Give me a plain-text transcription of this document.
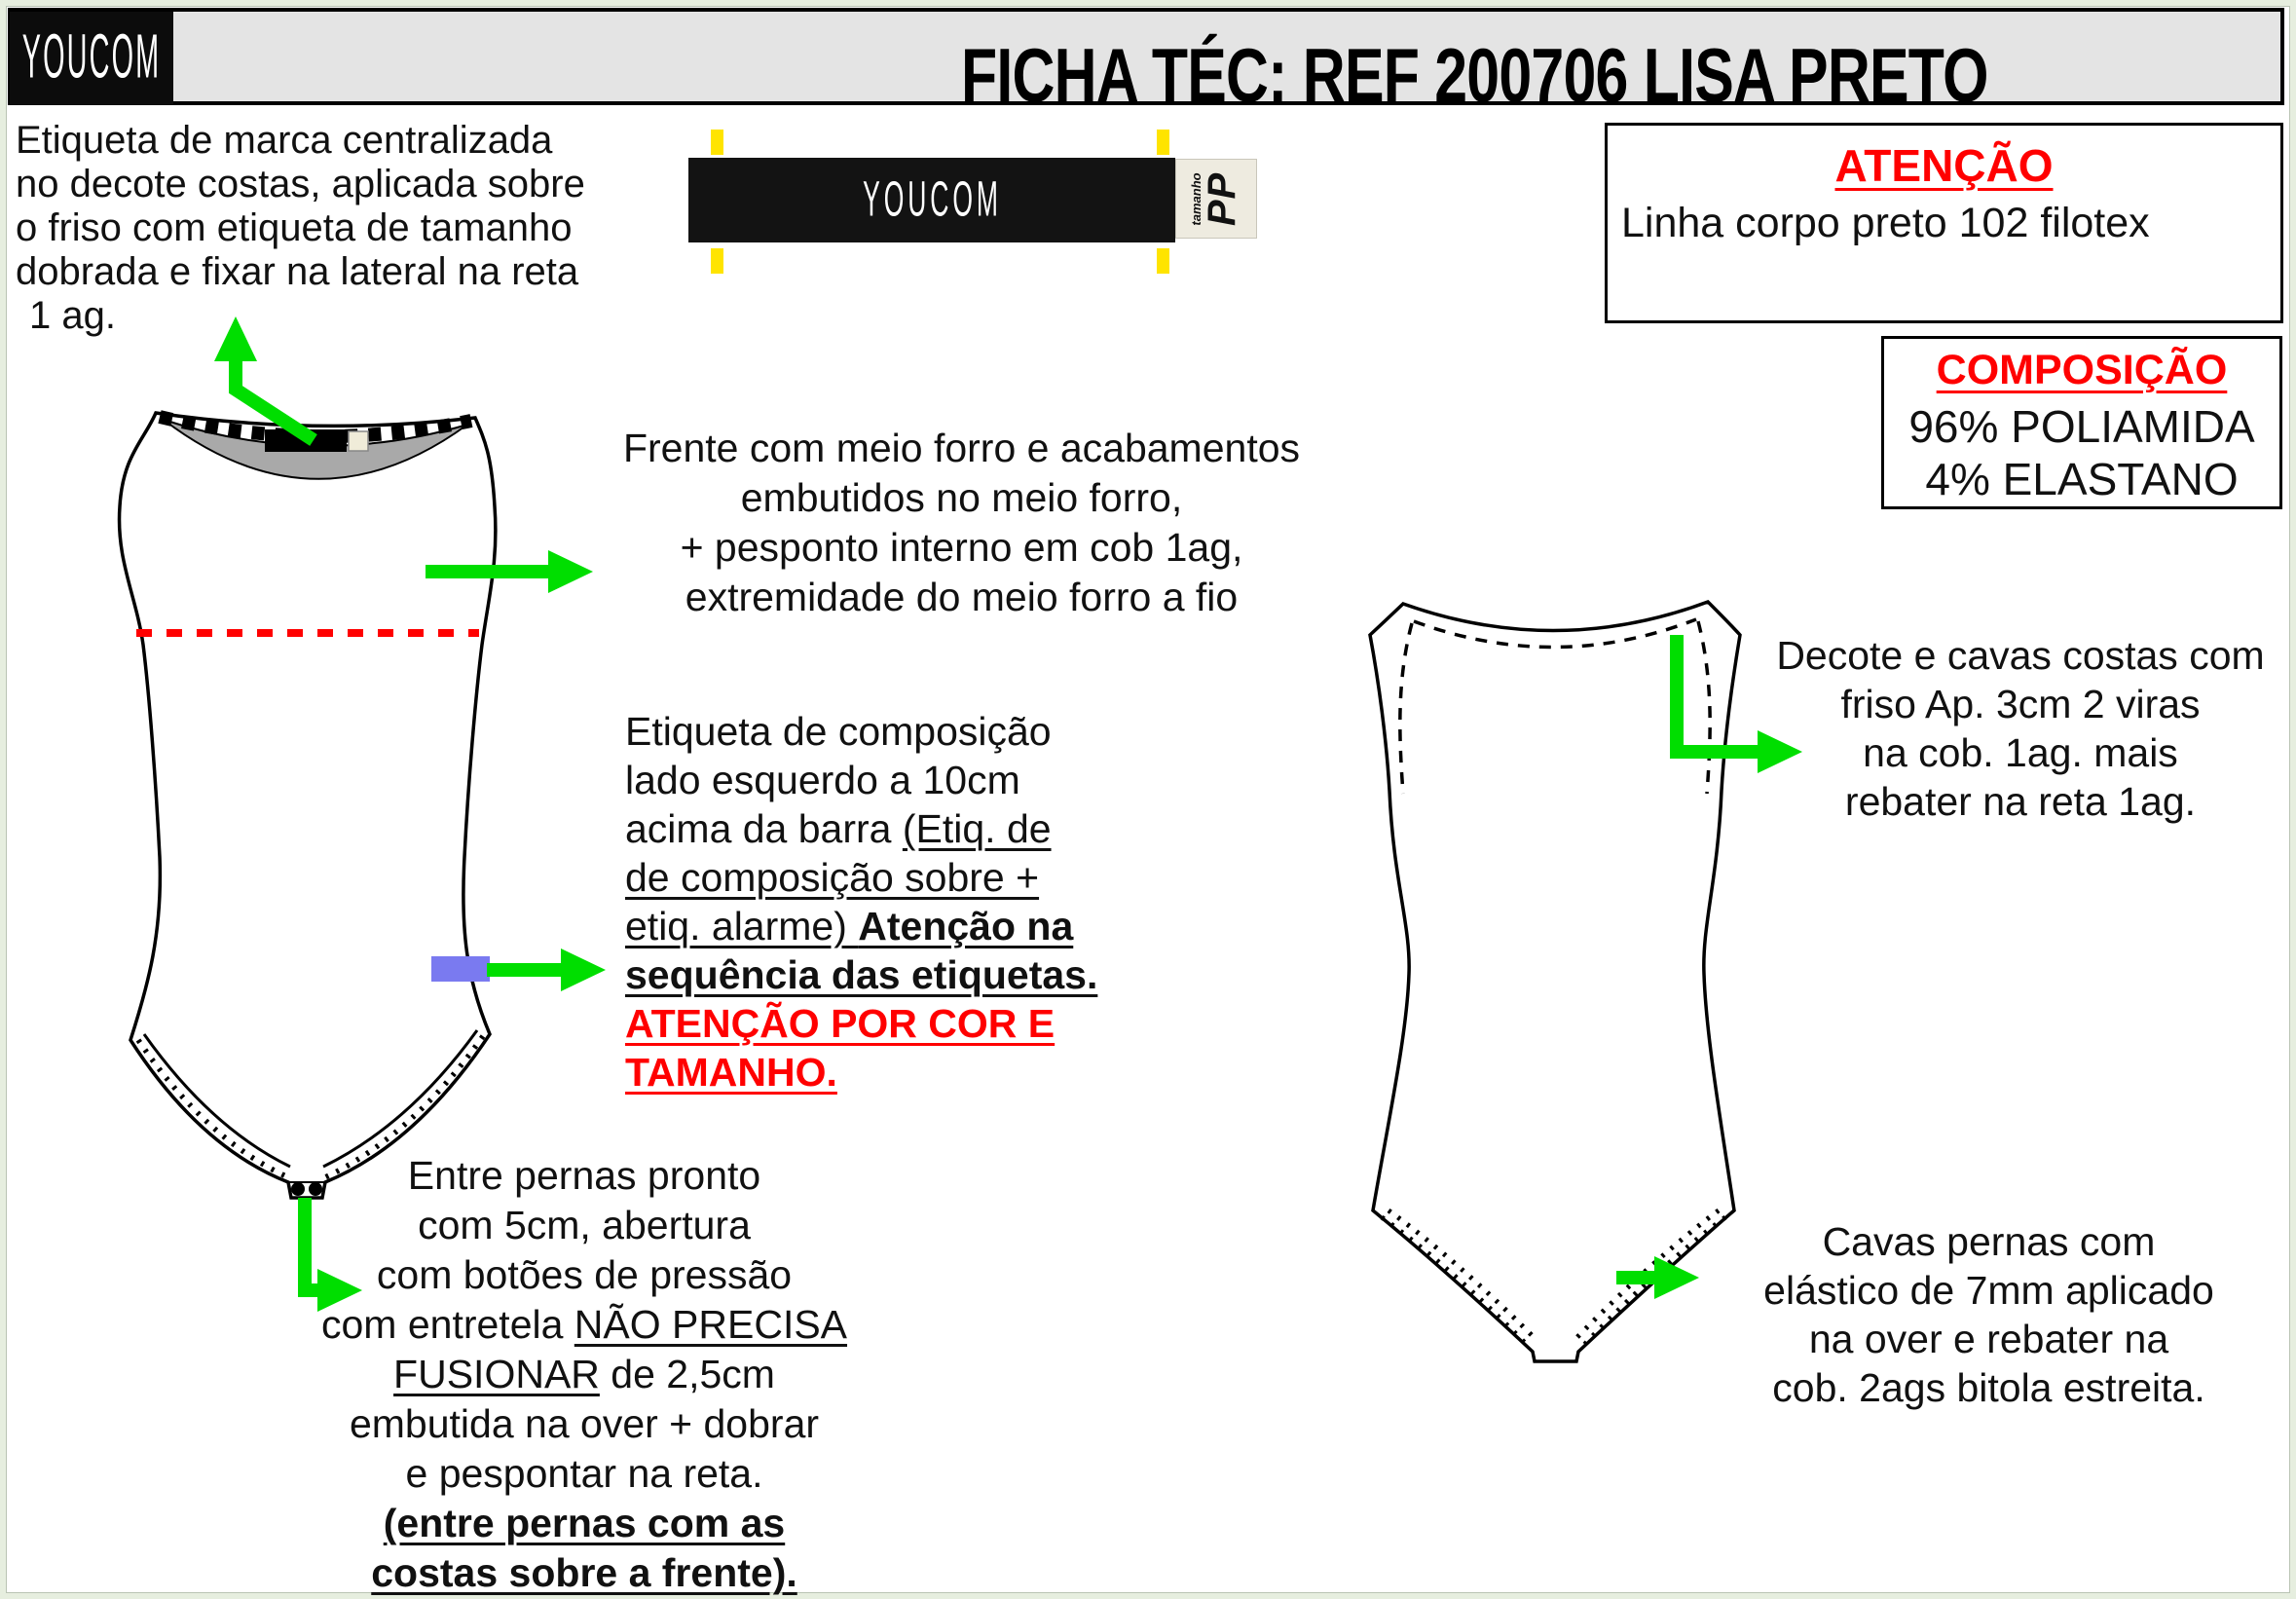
FICHA TÉC: REF 200706 LISA PRETO
YOUCOM
Etiqueta de marca centralizada
no decote costas, aplicada sobre
o friso com etiqueta de tamanho
dobrada e fixar na lateral na reta
1 ag.
YOUCOM	tamanho
PP
ATENÇÃO
Linha corpo preto 102 filotex
COMPOSIÇÃO
96% POLIAMIDA
4% ELASTANO
Frente com meio forro e acabamentos
embutidos no meio forro,
+ pesponto interno em cob 1ag,
extremidade do meio forro a fio
Etiqueta de composição
lado esquerdo a 10cm
acima da barra (Etiq. de
de composição sobre +
etiq. alarme) Atenção na
sequência das etiquetas.
ATENÇÃO POR COR E
TAMANHO.
Entre pernas pronto
com 5cm, abertura
com botões de pressão
com entretela NÃO PRECISA
FUSIONAR de 2,5cm
embutida na over + dobrar
e pespontar na reta.
(entre pernas com as
costas sobre a frente).
Decote e cavas costas com
friso Ap. 3cm 2 viras
na cob. 1ag. mais
rebater na reta 1ag.
Cavas pernas com
elástico de 7mm aplicado
na over e rebater na
cob. 2ags bitola estreita.
